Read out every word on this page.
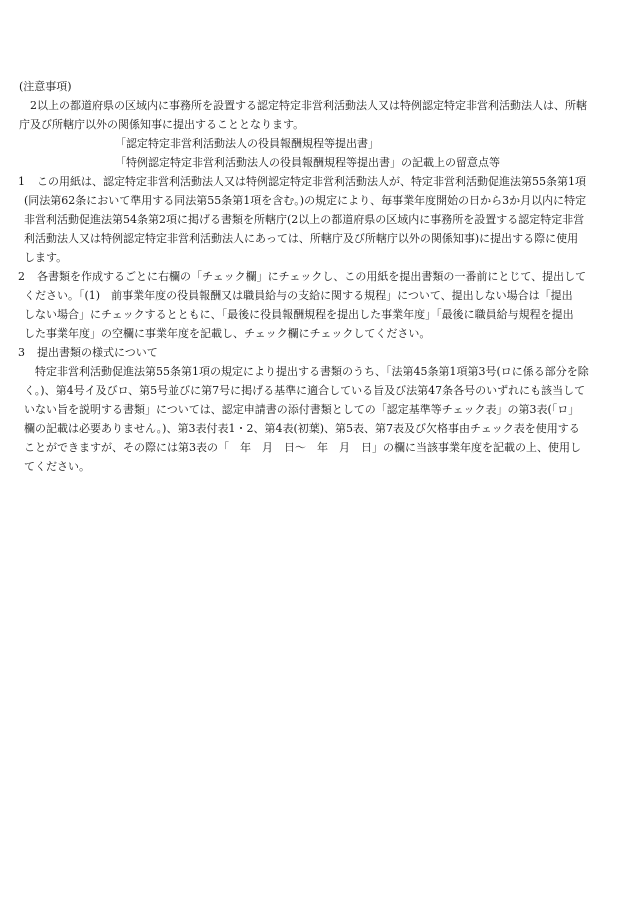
(注意事項)
2以上の都道府県の区域内に事務所を設置する認定特定非営利活動法人又は特例認定特定非営利活動法人は、所轄
庁及び所轄庁以外の関係知事に提出することとなります。
「認定特定非営利活動法人の役員報酬規程等提出書」
「特例認定特定非営利活動法人の役員報酬規程等提出書」の記載上の留意点等
1 この用紙は、認定特定非営利活動法人又は特例認定特定非営利活動法人が、特定非営利活動促進法第55条第1項
(同法第62条において準用する同法第55条第1項を含む。)の規定により、毎事業年度開始の日から3か月以内に特定
非営利活動促進法第54条第2項に掲げる書類を所轄庁(2以上の都道府県の区域内に事務所を設置する認定特定非営
利活動法人又は特例認定特定非営利活動法人にあっては、所轄庁及び所轄庁以外の関係知事)に提出する際に使用
します。
2 各書類を作成するごとに右欄の「チェック欄」にチェックし、この用紙を提出書類の一番前にとじて、提出して
ください。「(1)　前事業年度の役員報酬又は職員給与の支給に関する規程」について、提出しない場合は「提出
しない場合」にチェックするとともに、「最後に役員報酬規程を提出した事業年度」「最後に職員給与規程を提出
した事業年度」の空欄に事業年度を記載し、チェック欄にチェックしてください。
3 提出書類の様式について
特定非営利活動促進法第55条第1項の規定により提出する書類のうち、「法第45条第1項第3号(ロに係る部分を除
く。)、第4号イ及びロ、第5号並びに第7号に掲げる基準に適合している旨及び法第47条各号のいずれにも該当して
いない旨を説明する書類」については、認定申請書の添付書類としての「認定基準等チェック表」の第3表(「ロ」
欄の記載は必要ありません。)、第3表付表1・2、第4表(初葉)、第5表、第7表及び欠格事由チェック表を使用する
ことができますが、その際には第3表の「　年　月　日～　年　月　日」の欄に当該事業年度を記載の上、使用し
てください。
